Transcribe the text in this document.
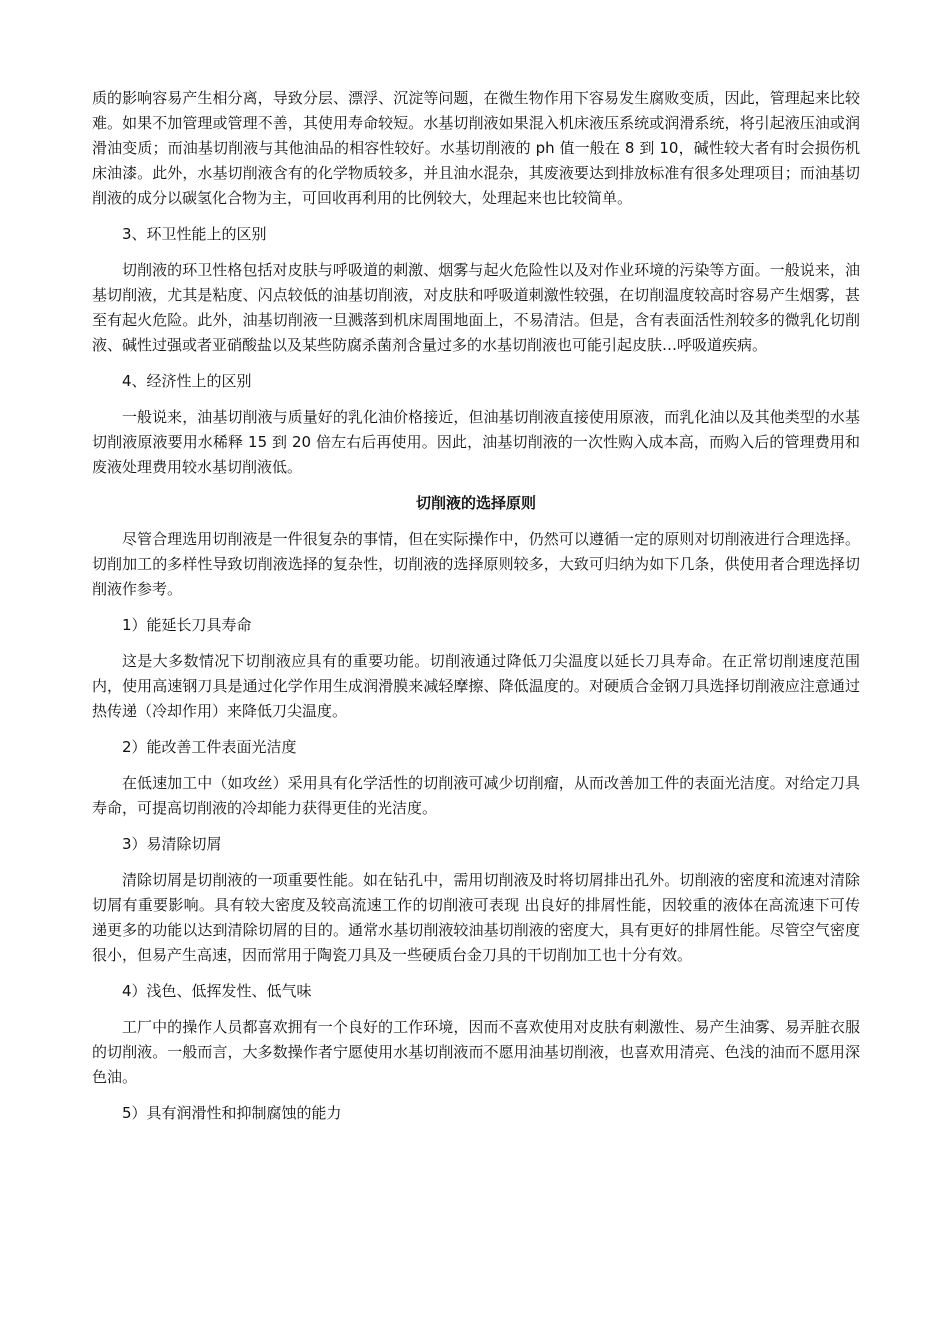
质的影响容易产生相分离，导致分层、漂浮、沉淀等问题，在微生物作用下容易发生腐败变质，因此，管理起来比较难。如果不加管理或管理不善，其使用寿命较短。水基切削液如果混入机床液压系统或润滑系统，将引起液压油或润滑油变质；而油基切削液与其他油品的相容性较好。水基切削液的 ph 值一般在 8 到 10，碱性较大者有时会损伤机床油漆。此外，水基切削液含有的化学物质较多，并且油水混杂，其废液要达到排放标准有很多处理项目；而油基切削液的成分以碳氢化合物为主，可回收再利用的比例较大，处理起来也比较简单。

3、环卫性能上的区别

切削液的环卫性格包括对皮肤与呼吸道的刺激、烟雾与起火危险性以及对作业环境的污染等方面。一般说来，油基切削液，尤其是粘度、闪点较低的油基切削液，对皮肤和呼吸道刺激性较强，在切削温度较高时容易产生烟雾，甚至有起火危险。此外，油基切削液一旦溅落到机床周围地面上，不易清洁。但是，含有表面活性剂较多的微乳化切削液、碱性过强或者亚硝酸盐以及某些防腐杀菌剂含量过多的水基切削液也可能引起皮肤…呼吸道疾病。

4、经济性上的区别

一般说来，油基切削液与质量好的乳化油价格接近，但油基切削液直接使用原液，而乳化油以及其他类型的水基切削液原液要用水稀释 15 到 20 倍左右后再使用。因此，油基切削液的一次性购入成本高，而购入后的管理费用和废液处理费用较水基切削液低。

切削液的选择原则

尽管合理选用切削液是一件很复杂的事情，但在实际操作中，仍然可以遵循一定的原则对切削液进行合理选择。切削加工的多样性导致切削液选择的复杂性，切削液的选择原则较多，大致可归纳为如下几条，供使用者合理选择切削液作参考。

1）能延长刀具寿命

这是大多数情况下切削液应具有的重要功能。切削液通过降低刀尖温度以延长刀具寿命。在正常切削速度范围内，使用高速钢刀具是通过化学作用生成润滑膜来减轻摩擦、降低温度的。对硬质合金钢刀具选择切削液应注意通过热传递（冷却作用）来降低刀尖温度。

2）能改善工件表面光洁度

在低速加工中（如攻丝）采用具有化学活性的切削液可减少切削瘤，从而改善加工件的表面光洁度。对给定刀具寿命，可提高切削液的冷却能力获得更佳的光洁度。

3）易清除切屑

清除切屑是切削液的一项重要性能。如在钻孔中，需用切削液及时将切屑排出孔外。切削液的密度和流速对清除切屑有重要影响。具有较大密度及较高流速工作的切削液可表现 出良好的排屑性能，因较重的液体在高流速下可传递更多的功能以达到清除切屑的目的。通常水基切削液较油基切削液的密度大，具有更好的排屑性能。尽管空气密度很小，但易产生高速，因而常用于陶瓷刀具及一些硬质台金刀具的干切削加工也十分有效。

4）浅色、低挥发性、低气味

工厂中的操作人员都喜欢拥有一个良好的工作环境，因而不喜欢使用对皮肤有刺激性、易产生油雾、易弄脏衣服的切削液。一般而言，大多数操作者宁愿使用水基切削液而不愿用油基切削液，也喜欢用清亮、色浅的油而不愿用深色油。

5）具有润滑性和抑制腐蚀的能力
